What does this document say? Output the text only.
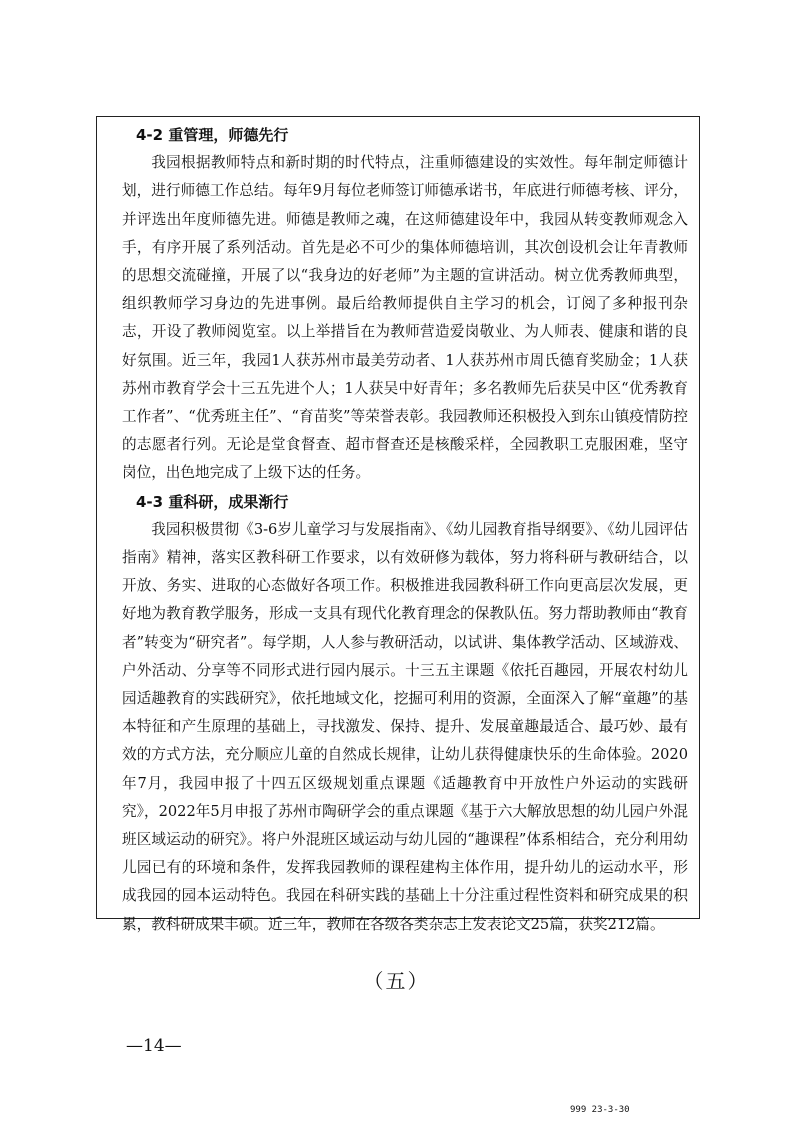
4-2 重管理，师德先行

我园根据教师特点和新时期的时代特点，注重师德建设的实效性。每年制定师德计划，进行师德工作总结。每年9月每位老师签订师德承诺书，年底进行师德考核、评分，并评选出年度师德先进。师德是教师之魂，在这师德建设年中，我园从转变教师观念入手，有序开展了系列活动。首先是必不可少的集体师德培训，其次创设机会让年青教师的思想交流碰撞，开展了以“我身边的好老师”为主题的宣讲活动。树立优秀教师典型，组织教师学习身边的先进事例。最后给教师提供自主学习的机会，订阅了多种报刊杂志，开设了教师阅览室。以上举措旨在为教师营造爱岗敬业、为人师表、健康和谐的良好氛围。近三年，我园1人获苏州市最美劳动者、1人获苏州市周氏德育奖励金；1人获苏州市教育学会十三五先进个人；1人获吴中好青年；多名教师先后获吴中区“优秀教育工作者”、“优秀班主任”、“育苗奖”等荣誉表彰。我园教师还积极投入到东山镇疫情防控的志愿者行列。无论是堂食督查、超市督查还是核酸采样，全园教职工克服困难，坚守岗位，出色地完成了上级下达的任务。

4-3 重科研，成果渐行

我园积极贯彻《3-6岁儿童学习与发展指南》、《幼儿园教育指导纲要》、《幼儿园评估指南》精神，落实区教科研工作要求，以有效研修为载体，努力将科研与教研结合，以开放、务实、进取的心态做好各项工作。积极推进我园教科研工作向更高层次发展，更好地为教育教学服务，形成一支具有现代化教育理念的保教队伍。努力帮助教师由“教育者”转变为“研究者”。每学期，人人参与教研活动，以试讲、集体教学活动、区域游戏、户外活动、分享等不同形式进行园内展示。十三五主课题《依托百趣园，开展农村幼儿园适趣教育的实践研究》，依托地域文化，挖掘可利用的资源，全面深入了解“童趣”的基本特征和产生原理的基础上，寻找激发、保持、提升、发展童趣最适合、最巧妙、最有效的方式方法，充分顺应儿童的自然成长规律，让幼儿获得健康快乐的生命体验。2020年7月，我园申报了十四五区级规划重点课题《适趣教育中开放性户外运动的实践研究》，2022年5月申报了苏州市陶研学会的重点课题《基于六大解放思想的幼儿园户外混班区域运动的研究》。将户外混班区域运动与幼儿园的“趣课程”体系相结合，充分利用幼儿园已有的环境和条件，发挥我园教师的课程建构主体作用，提升幼儿的运动水平，形成我园的园本运动特色。我园在科研实践的基础上十分注重过程性资料和研究成果的积累，教科研成果丰硕。近三年，教师在各级各类杂志上发表论文25篇，获奖212篇。

（五）
—14—
999 23-3-30
